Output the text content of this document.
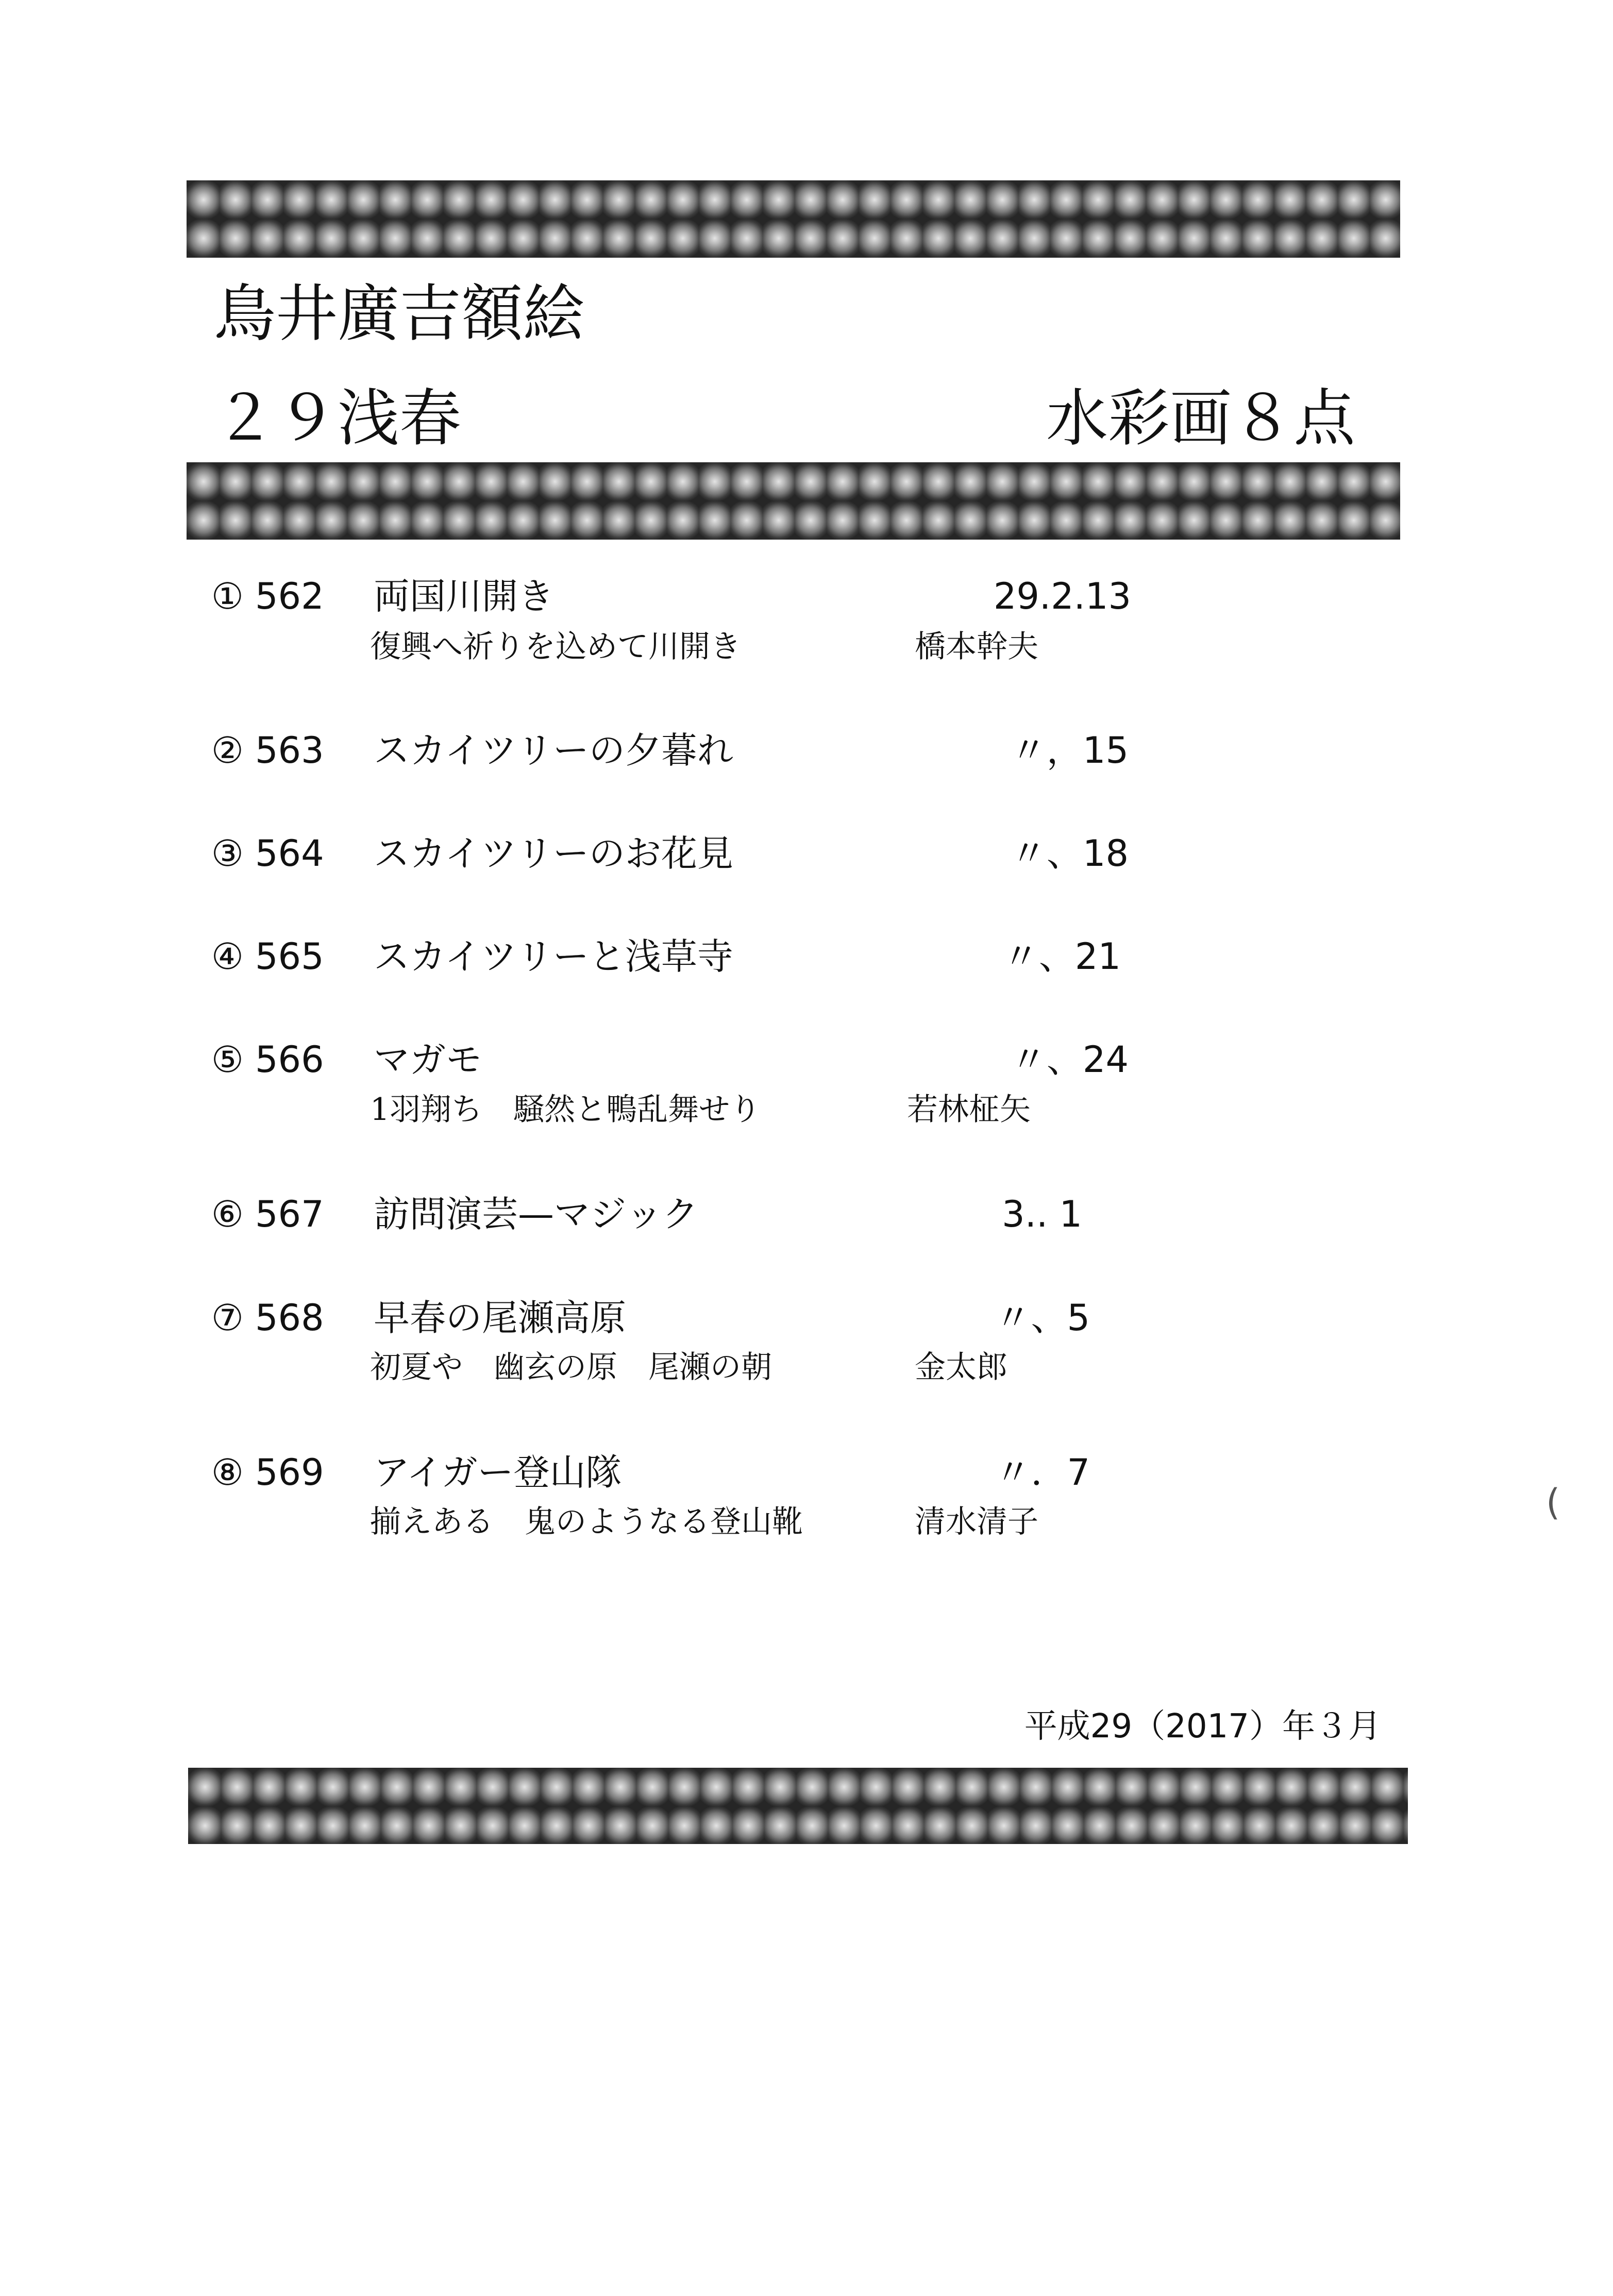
鳥井廣吉額絵
２９浅春	水彩画８点
① 562 両国川開き	29.2.13
復興へ祈りを込めて川開き	橋本幹夫
② 563 スカイツリーの夕暮れ	〃，15
③ 564 スカイツリーのお花見	〃、18
④ 565 スカイツリーと浅草寺	〃、21
⑤ 566 マガモ	〃、24
1羽翔ち　騒然と鴨乱舞せり	若林柾矢
⑥ 567 訪問演芸—マジック	3.. 1
⑦ 568 早春の尾瀬高原	〃、5
初夏や　幽玄の原　尾瀬の朝	金太郎
⑧ 569 アイガー登山隊	〃．7
揃えある　鬼のようなる登山靴	清水清子
平成29（2017）年３月
(
